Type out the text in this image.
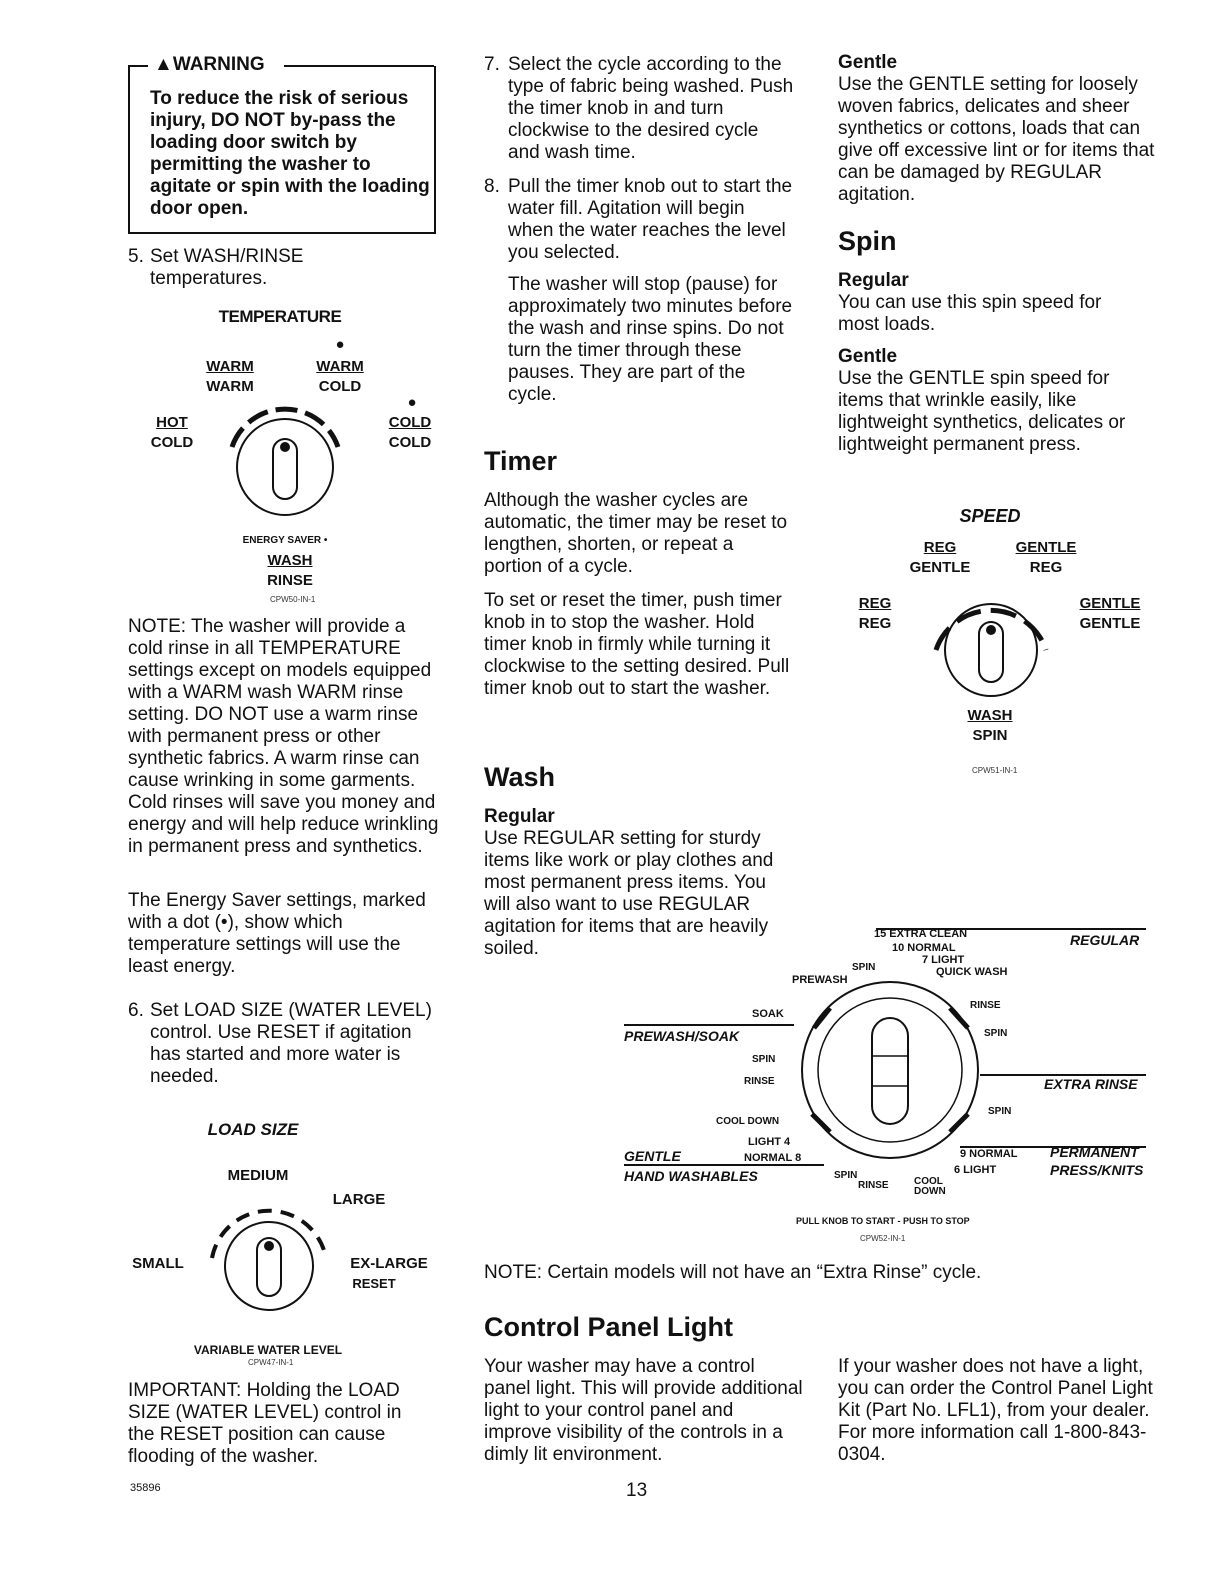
▲WARNING
To reduce the risk of serious injury, DO NOT by-pass the loading door switch by permitting the washer to agitate or spin with the loading door open.
5. Set WASH/RINSE temperatures.
TEMPERATURE
●
WARM
WARM
WARM
COLD
●
HOT
COLD
COLD
COLD
ENERGY SAVER •
WASH
RINSE
CPW50-IN-1
NOTE: The washer will provide a cold rinse in all TEMPERATURE settings except on models equipped with a WARM wash WARM rinse setting. DO NOT use a warm rinse with permanent press or other synthetic fabrics. A warm rinse can cause wrinking in some garments. Cold rinses will save you money and energy and will help reduce wrinkling in permanent press and synthetics.
The Energy Saver settings, marked with a dot (•), show which temperature settings will use the least energy.
6. Set LOAD SIZE (WATER LEVEL) control. Use RESET if agitation has started and more water is needed.
LOAD SIZE
MEDIUM
LARGE
SMALL	EX-LARGE
RESET
VARIABLE WATER LEVEL
CPW47-IN-1
IMPORTANT: Holding the LOAD SIZE (WATER LEVEL) control in the RESET position can cause flooding of the washer.
35896
7. Select the cycle according to the type of fabric being washed. Push the timer knob in and turn clockwise to the desired cycle and wash time.
8. Pull the timer knob out to start the water fill. Agitation will begin when the water reaches the level you selected.
The washer will stop (pause) for approximately two minutes before the wash and rinse spins. Do not turn the timer through these pauses. They are part of the cycle.
Timer
Although the washer cycles are automatic, the timer may be reset to lengthen, shorten, or repeat a portion of a cycle.
To set or reset the timer, push timer knob in to stop the washer. Hold timer knob in firmly while turning it clockwise to the setting desired. Pull timer knob out to start the washer.
Wash
Regular
Use REGULAR setting for sturdy items like work or play clothes and most permanent press items. You will also want to use REGULAR agitation for items that are heavily soiled.
Gentle
Use the GENTLE setting for loosely woven fabrics, delicates and sheer synthetics or cottons, loads that can give off excessive lint or for items that can be damaged by REGULAR agitation.
Spin
Regular
You can use this spin speed for most loads.
Gentle
Use the GENTLE spin speed for items that wrinkle easily, like lightweight synthetics, delicates or lightweight permanent press.
SPEED
REG
GENTLE
GENTLE
REG
REG
REG
GENTLE
GENTLE
WASH
SPIN
CPW51-IN-1
15 EXTRA CLEAN
10 NORMAL
7 LIGHT
QUICK WASH
REGULAR
SPIN
PREWASH
RINSE
SOAK
PREWASH/SOAK	SPIN
SPIN
RINSE	EXTRA RINSE
SPIN
COOL DOWN
LIGHT 4
GENTLE	NORMAL 8
HAND WASHABLES
9 NORMAL PERMANENT
6 LIGHT	PRESS/KNITS
SPIN
RINSE	COOL
DOWN
PULL KNOB TO START - PUSH TO STOP
CPW52-IN-1
NOTE: Certain models will not have an “Extra Rinse” cycle.
Control Panel Light
Your washer may have a control panel light. This will provide additional light to your control panel and improve visibility of the controls in a dimly lit environment.
If your washer does not have a light, you can order the Control Panel Light Kit (Part No. LFL1), from your dealer. For more information call 1-800-843-0304.
13
